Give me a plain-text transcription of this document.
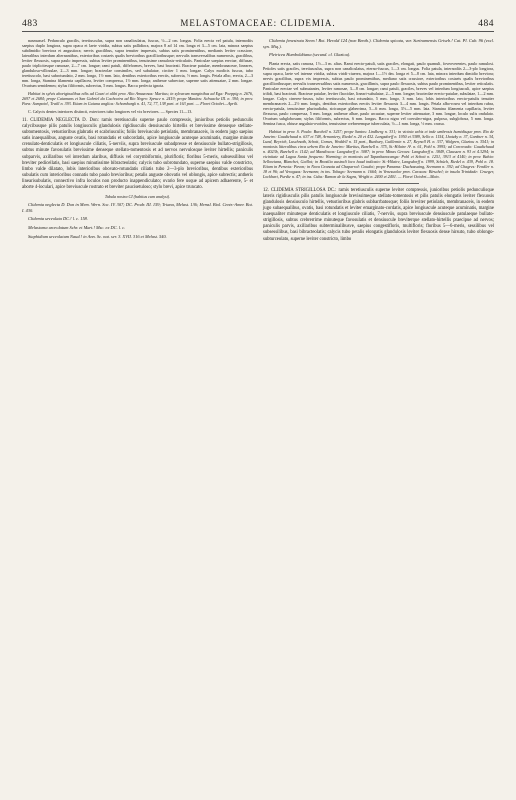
483	MELASTOMACEAE: CLIDEMIA.	484

nasmussel. Pedunculo gracilis, teretiusculus, supra non canaliculatus, fuscus, ½—2 cm. longus. Folia erecta vel patula, internodiis saepius duplo longiora, supra opaca et laete viridia, subtus satis pallidiora, majora 8 ad 14 cm. longa et 3—5 cm. lata, minora saepius subdimidio breviora et angustiora; nervis gracilibus, supra tenuiter impressis, subtus satis prominentibus, medianis leviter crassiore, lateralibus interdum alternantibus, exterioribus costaeis qualis brevioribus gracillioribusque; nervulis transversalibus numerosis, gracilibus, leviter flexuosis, supra paulo impressis, subtus leviter prominentibus, tenuissime ramulosis-reticulatis. Paniculae saepius erectae, diffusae, paulo triplicitesque ramosae, 2—7 cm. longae; rami patuli, diffeformes, breves, basi bracteati. Bracteae patulae, membranaceae, lineares, glandulosa-villosulae, 2—3 mm. longae; bracteolae consimiles, sed subulatae, circiter 1 mm. longae. Calyx modicis fuscus, tubo teretiuscolo, basi subrotundato, 2 mm. longo, 1½ mm. lato, dentibus exterioribus erectis, subrecta, ½ mm. longis. Petala albo, erecta, 2—3 mm. longa, Stamina filamenta capillacea, leviter compressa, 1½ mm. longa; antherae subrectae, superne satis attenuatae, 2 mm. longae. Ovarium semidemm; stylus filiformis, subrectus, 5 mm. longus. Bacca perfecta ignota.

Habitat in sylvis aboriginalibus nilis ad Cauri et alibi prov. Alto Amazonas: Martius; in sylvarum marginibus ad Ega: Poeppig n. 2676, 2697 et 2684; prope Caiamans et San Gabriel da Cachoeira ad Rio Negro: Spruce n. 2419; prope Manáos: Schwacke III. n. 394; in prov. Para: Sampaio!, Traill n. 393. Etiam in Guiana anglica: Schomburgk n. 41, 72, 77, 138 part. et 163 part. — Floret Octobri—Aprili.

C. Calycis dentes interiores distincti, exteriores tubo longiores vel vix breviores. — Species 11—13.

11. CLIDEMIA NEGLECTA D. Don: ramis teretiusculis superne paulo compressis, junioribus petiolis pedunculis calycibusque pilis patulis longiusculis glandulosis rigidiusculis densiusculo hirtellis et brevissime denseque stellato-subtomentosis, vetustioribus glabratis et scabriusculis; foliis breviusculo petiolatis, membranaceis, in eodem jugo saepius satis inaequalibus, anguste ovatis, basi rotundatis et subcordatis, apice longiuscule acuteque acuminatis, margine minute crenulato-denticulatis et longiuscule ciliatis, 5-nerviis, supra breviuscule subadpresse et densiuscule bullato-strigillosis, subtus minute favosulatis brevissime denseque stellato-tomentosis et ad nervos nervulosque leviter hirtellis; paniculis subparvis, axillaribus vel interdum alaribus, diffusis vel corymbiformis, pluriflorís; floribus 5-meris, subsessilibus vel breviter pedicellatis, basi saepius minutissime bibracteolatis; calycis tubo subrotundato, superne saepius valde constricto, limbo valde dilatato, lobis interioribus obovato-rotundatis ciliatis tubo 2—3-plo brevioribus, dentibus exterioribus subulatis cum interioribus connatis tubo paulo brevioribus; petalis anguste obovatis vel oblongis, apice subrectis; antheris linearisubulatis, connectivo infra loculos non producto inappendiculato; ovario fere usque ad apicem adhaerente, 5- et aborte 4-loculari, apice breviuscule rostrato et breviter paucisetuloso; stylo brevi, apice truncato.

Tabula nostra CI (habitus cum analysi).

Clidemia neglecta D. Don in Mem. Wern. Soc. IV. 307; DC. Prodr. III. 159; Triana, Melast. 136; Hemsl. Biol. Centr.-Amer. Bot. I. 430.

Clidemia urceolata DC.! l. c. 158.

Melastoma urceolatum Schr. et Mart.! Msc. ex DC. l. c.

Staphidium urceolatum Naud.! in Ann. Sc. nat. ser. 3. XVII. 316 et Melast. 540.

Clidemia fenestrata Seem.! Bot. Herald 124 (non Benth.). Clidemia spicata, var. Surinamensis Griseb.! Cat. Pl. Cub. 96 (excl. syn. Miq.).

Pleiricea Humboldtiana (secund. cl. Glaziou).

Planta erecta, satis ramosa, 1½—3 m. altus. Rami erecto-patuli, satis graciles, elongati, paulo quamuli, foveoverentes, paulo ramulosi. Petioles satis graciles, teretiusculus, supra non canaliculatus, eterno-fuscus, 1—3 cm. longus. Folia patula, internodiis 2—3-plo longiora, supra opaca, laete vel intense viridia, subtus viridi-ciuerea, majora 1—1½ dm. longa et 5—8 cm. lata, minora interdum dimidio breviora; nervis gracilibus, supra vix impressis, subtus paulo prominentibus, mediano satis crassiore, exterioribus costaeis qualis brevioribus gracillioribusque; nervulis transversalibus satis numerosis, gracillimis, supra paulo flexuosis, subtus paulo prominentibus, leviter reticulatis. Paniculae erectae vel subnutantes, leviter ramosae, 3—8 cm. longae; rami patuli, graciles, breves vel interdum longiusculi, apice saepius trifidi, basi bracteati. Bracteae patulae, leviter flaccidae, lineari-subulatae, 2—5 mm. longae; bracteolae erecto-patulae, subulatae, 1—2 mm. longae. Calyx cinereo-fuscus, tubo teretiusculo, basi rotundato, 5 mm. longo, 3 mm. lato, lobis interioribus erecto-patulis tenuiter membranaceis 2—2½ mm. longis, dentibus exterioribus erectis leviter flexuosis 3—4 mm. longis. Petala albo-rosea vel interdum rubra, erecto-patula, tenuissime pluriradiaba, stricusque glaberrima, 5—6 mm. longa, 3½—5 mm. lata. Stamina filamenta capillaria, leviter flexuosa, paulo compressa, 5 mm. longa; antherae albae, paulo arcuatae, superne leviter attenuatae, 3 mm. longae, loculo sulis ondulato. Ovarium subglobosum; stylus filiformis, subrectus, 6 mm. longus. Bacca nigra vel coeruleo-nigra, pulposa, subglobosa, 5 mm. longa. Semina fusca, obtuse angulato-ovoidea, tenuissime crebreremque tuberculata, ½—1 mm. longa, ½ mm. crassa.

Habitat in prov. S. Paulo: Burchell n. 3257; prope Santos: Lindberg n. 331; in vicinia urbis et inde umbrosis humidisque prov. Rio de Janeiro: Gaudichaud n. 637 et 748, Armaniery, Riedel n. 20 et 432. Langsdorff n. 1950 et 3389, Sello n. 1154, Lhotzky n. 37, Gardner n. 34, Lund, Beyrich, Luschnath, Schott, Gomes, Weddell n. 15 part., Bunbury, Guillemin n. 27, Reynell H. n. 337, Widgren, Glaziou n. 3541; in montosis litteralibus circa urbem Rio de Janeiro: Martius, Burchell n. 375, St.-Hilaire A¹. n. 61, Pohl n. 3995; ad Corcovado: Gaudichaud n. 4023b, Burchell n. 1142; ad Mandiocca: Langsdorff n. 3087; in prov. Minas Geraes: Langsdorff n. 3849, Claussen n. 93 et 4.3294; in vicinitate ad Lagoa Santa frequens: Warming; in montosis ad Tapanhanocanga: Pohl et Schott n. 1251, 3913 et 4140; in prov. Bahia: Sellowiana, Blanchet, Gaillot; in Brasilia australi loco haud indicato: St.-Hilaire, Langsdorff n. 1999, Schüch, Riedel n. 439, Pohl n. 18. Etiam in Peruvia: Pavon; in Nova Granata ad Chaparral: Goudot; prope Panama: Duchassaing, Seemann n. 392; ad Chagres: Fendler n. 18 et 96; ad Veraguas: Seemann; in ins. Tobago: Seemann n. 1664; in Venezuelae prov. Caracas: Birschel; in insula Trinidade: Crueger, Lockhart, Purdie n. 47; in ins. Cuba: Ramon de la Sagra, Wright n. 2400 et 2401. — Floret Octobri—Maio.

12. CLIDEMIA STRIGILLOSA DC.: ramis teretiusculis superne leviter compressis, junioribus petiolis pedunculisque lateris rigidiusculis pilis patulis longiuscule brevissimeque stellato-tomentosis et pilis patulis elongatis leviter flexuosis glandulosis densiusculo hirtellis, vetustioribus glabris subbarrbatosque; foliis breviter petiolatis, membranaceis, in eodem jugo subaequalibus, ovatis, basi rotundatis et leviter emarginato-cordatis, apice longiuscule acuteque acuminatis, margine inaequaliter minuteque denticulatis et longiuscule ciliatis, 7-nerviis, supra breviuscule densiuscule patulaeque bullato-strigillosis, subtus crebrerrime minuteque favosulatis et densiuscule breviterque stellato-hirtellis praecipue ad nervos; paniculis parvis, axillaribus subterminalibusve, saepius congestifloris, multifloris; floribus 5—6-meris, sessilibus vel subsessilibus, basi bibracteolatis; calycis tubo petalis elongatis glandulosis leviter flexuosis dense hirsuto, tubo oblongo-subturceolato, superne leviter constricto, limbo
